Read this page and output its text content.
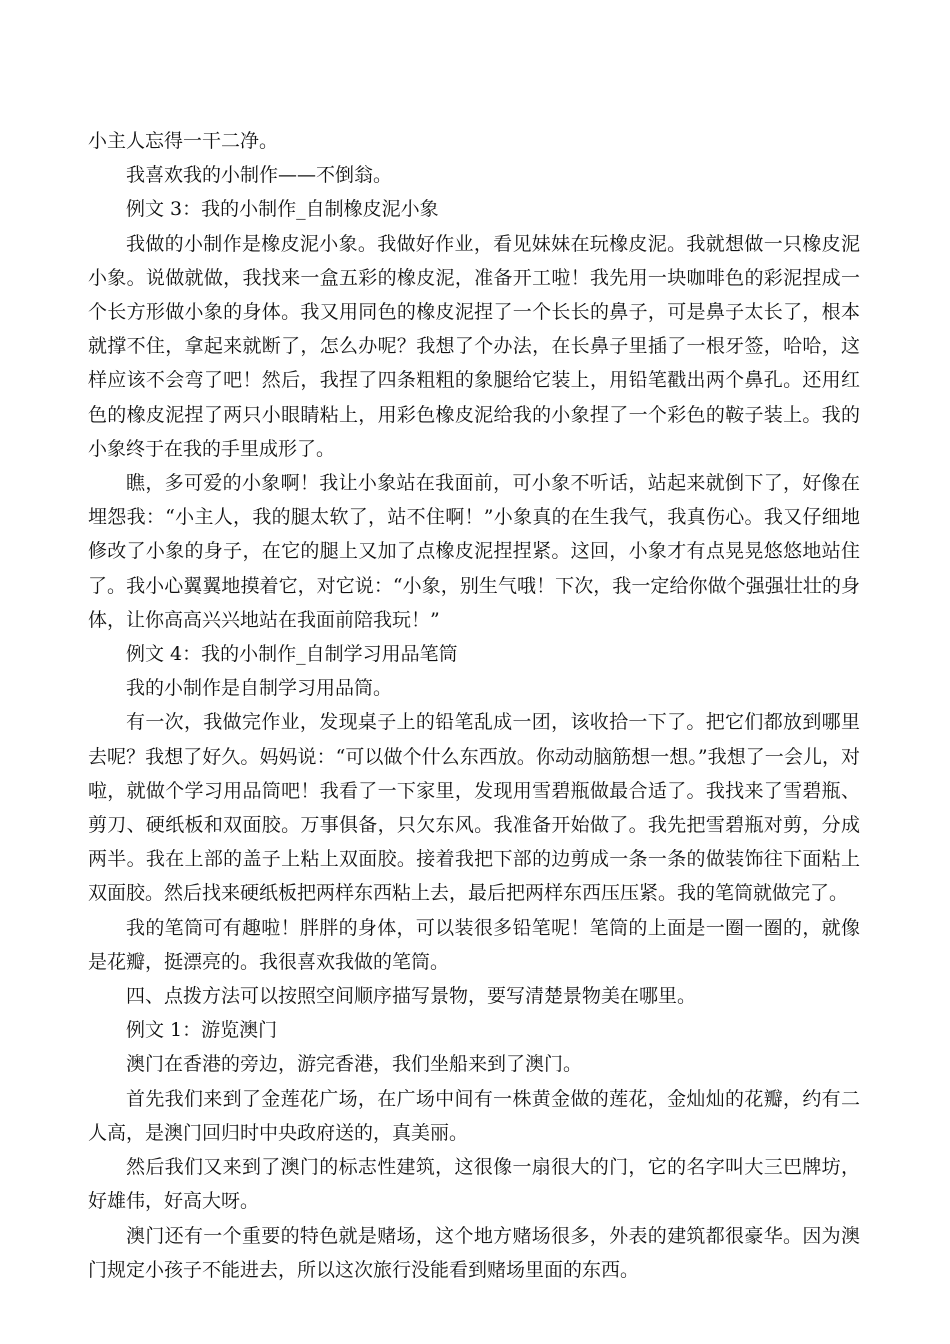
小主人忘得一干二净。

我喜欢我的小制作——不倒翁。

例文 3：我的小制作_自制橡皮泥小象

我做的小制作是橡皮泥小象。我做好作业，看见妹妹在玩橡皮泥。我就想做一只橡皮泥小象。说做就做，我找来一盒五彩的橡皮泥，准备开工啦！我先用一块咖啡色的彩泥捏成一个长方形做小象的身体。我又用同色的橡皮泥捏了一个长长的鼻子，可是鼻子太长了，根本就撑不住，拿起来就断了，怎么办呢？我想了个办法，在长鼻子里插了一根牙签，哈哈，这样应该不会弯了吧！然后，我捏了四条粗粗的象腿给它装上，用铅笔戳出两个鼻孔。还用红色的橡皮泥捏了两只小眼睛粘上，用彩色橡皮泥给我的小象捏了一个彩色的鞍子装上。我的小象终于在我的手里成形了。

瞧，多可爱的小象啊！我让小象站在我面前，可小象不听话，站起来就倒下了，好像在埋怨我：“小主人，我的腿太软了，站不住啊！”小象真的在生我气，我真伤心。我又仔细地修改了小象的身子，在它的腿上又加了点橡皮泥捏捏紧。这回，小象才有点晃晃悠悠地站住了。我小心翼翼地摸着它，对它说：“小象，别生气哦！下次，我一定给你做个强强壮壮的身体，让你高高兴兴地站在我面前陪我玩！”

例文 4：我的小制作_自制学习用品笔筒

我的小制作是自制学习用品筒。

有一次，我做完作业，发现桌子上的铅笔乱成一团，该收拾一下了。把它们都放到哪里去呢？我想了好久。妈妈说：“可以做个什么东西放。你动动脑筋想一想。”我想了一会儿，对啦，就做个学习用品筒吧！我看了一下家里，发现用雪碧瓶做最合适了。我找来了雪碧瓶、剪刀、硬纸板和双面胶。万事俱备，只欠东风。我准备开始做了。我先把雪碧瓶对剪，分成两半。我在上部的盖子上粘上双面胶。接着我把下部的边剪成一条一条的做装饰往下面粘上双面胶。然后找来硬纸板把两样东西粘上去，最后把两样东西压压紧。我的笔筒就做完了。

我的笔筒可有趣啦！胖胖的身体，可以装很多铅笔呢！笔筒的上面是一圈一圈的，就像是花瓣，挺漂亮的。我很喜欢我做的笔筒。

四、点拨方法可以按照空间顺序描写景物，要写清楚景物美在哪里。

例文 1：游览澳门

澳门在香港的旁边，游完香港，我们坐船来到了澳门。

首先我们来到了金莲花广场，在广场中间有一株黄金做的莲花，金灿灿的花瓣，约有二人高，是澳门回归时中央政府送的，真美丽。

然后我们又来到了澳门的标志性建筑，这很像一扇很大的门，它的名字叫大三巴牌坊，好雄伟，好高大呀。

澳门还有一个重要的特色就是赌场，这个地方赌场很多，外表的建筑都很豪华。因为澳门规定小孩子不能进去，所以这次旅行没能看到赌场里面的东西。
